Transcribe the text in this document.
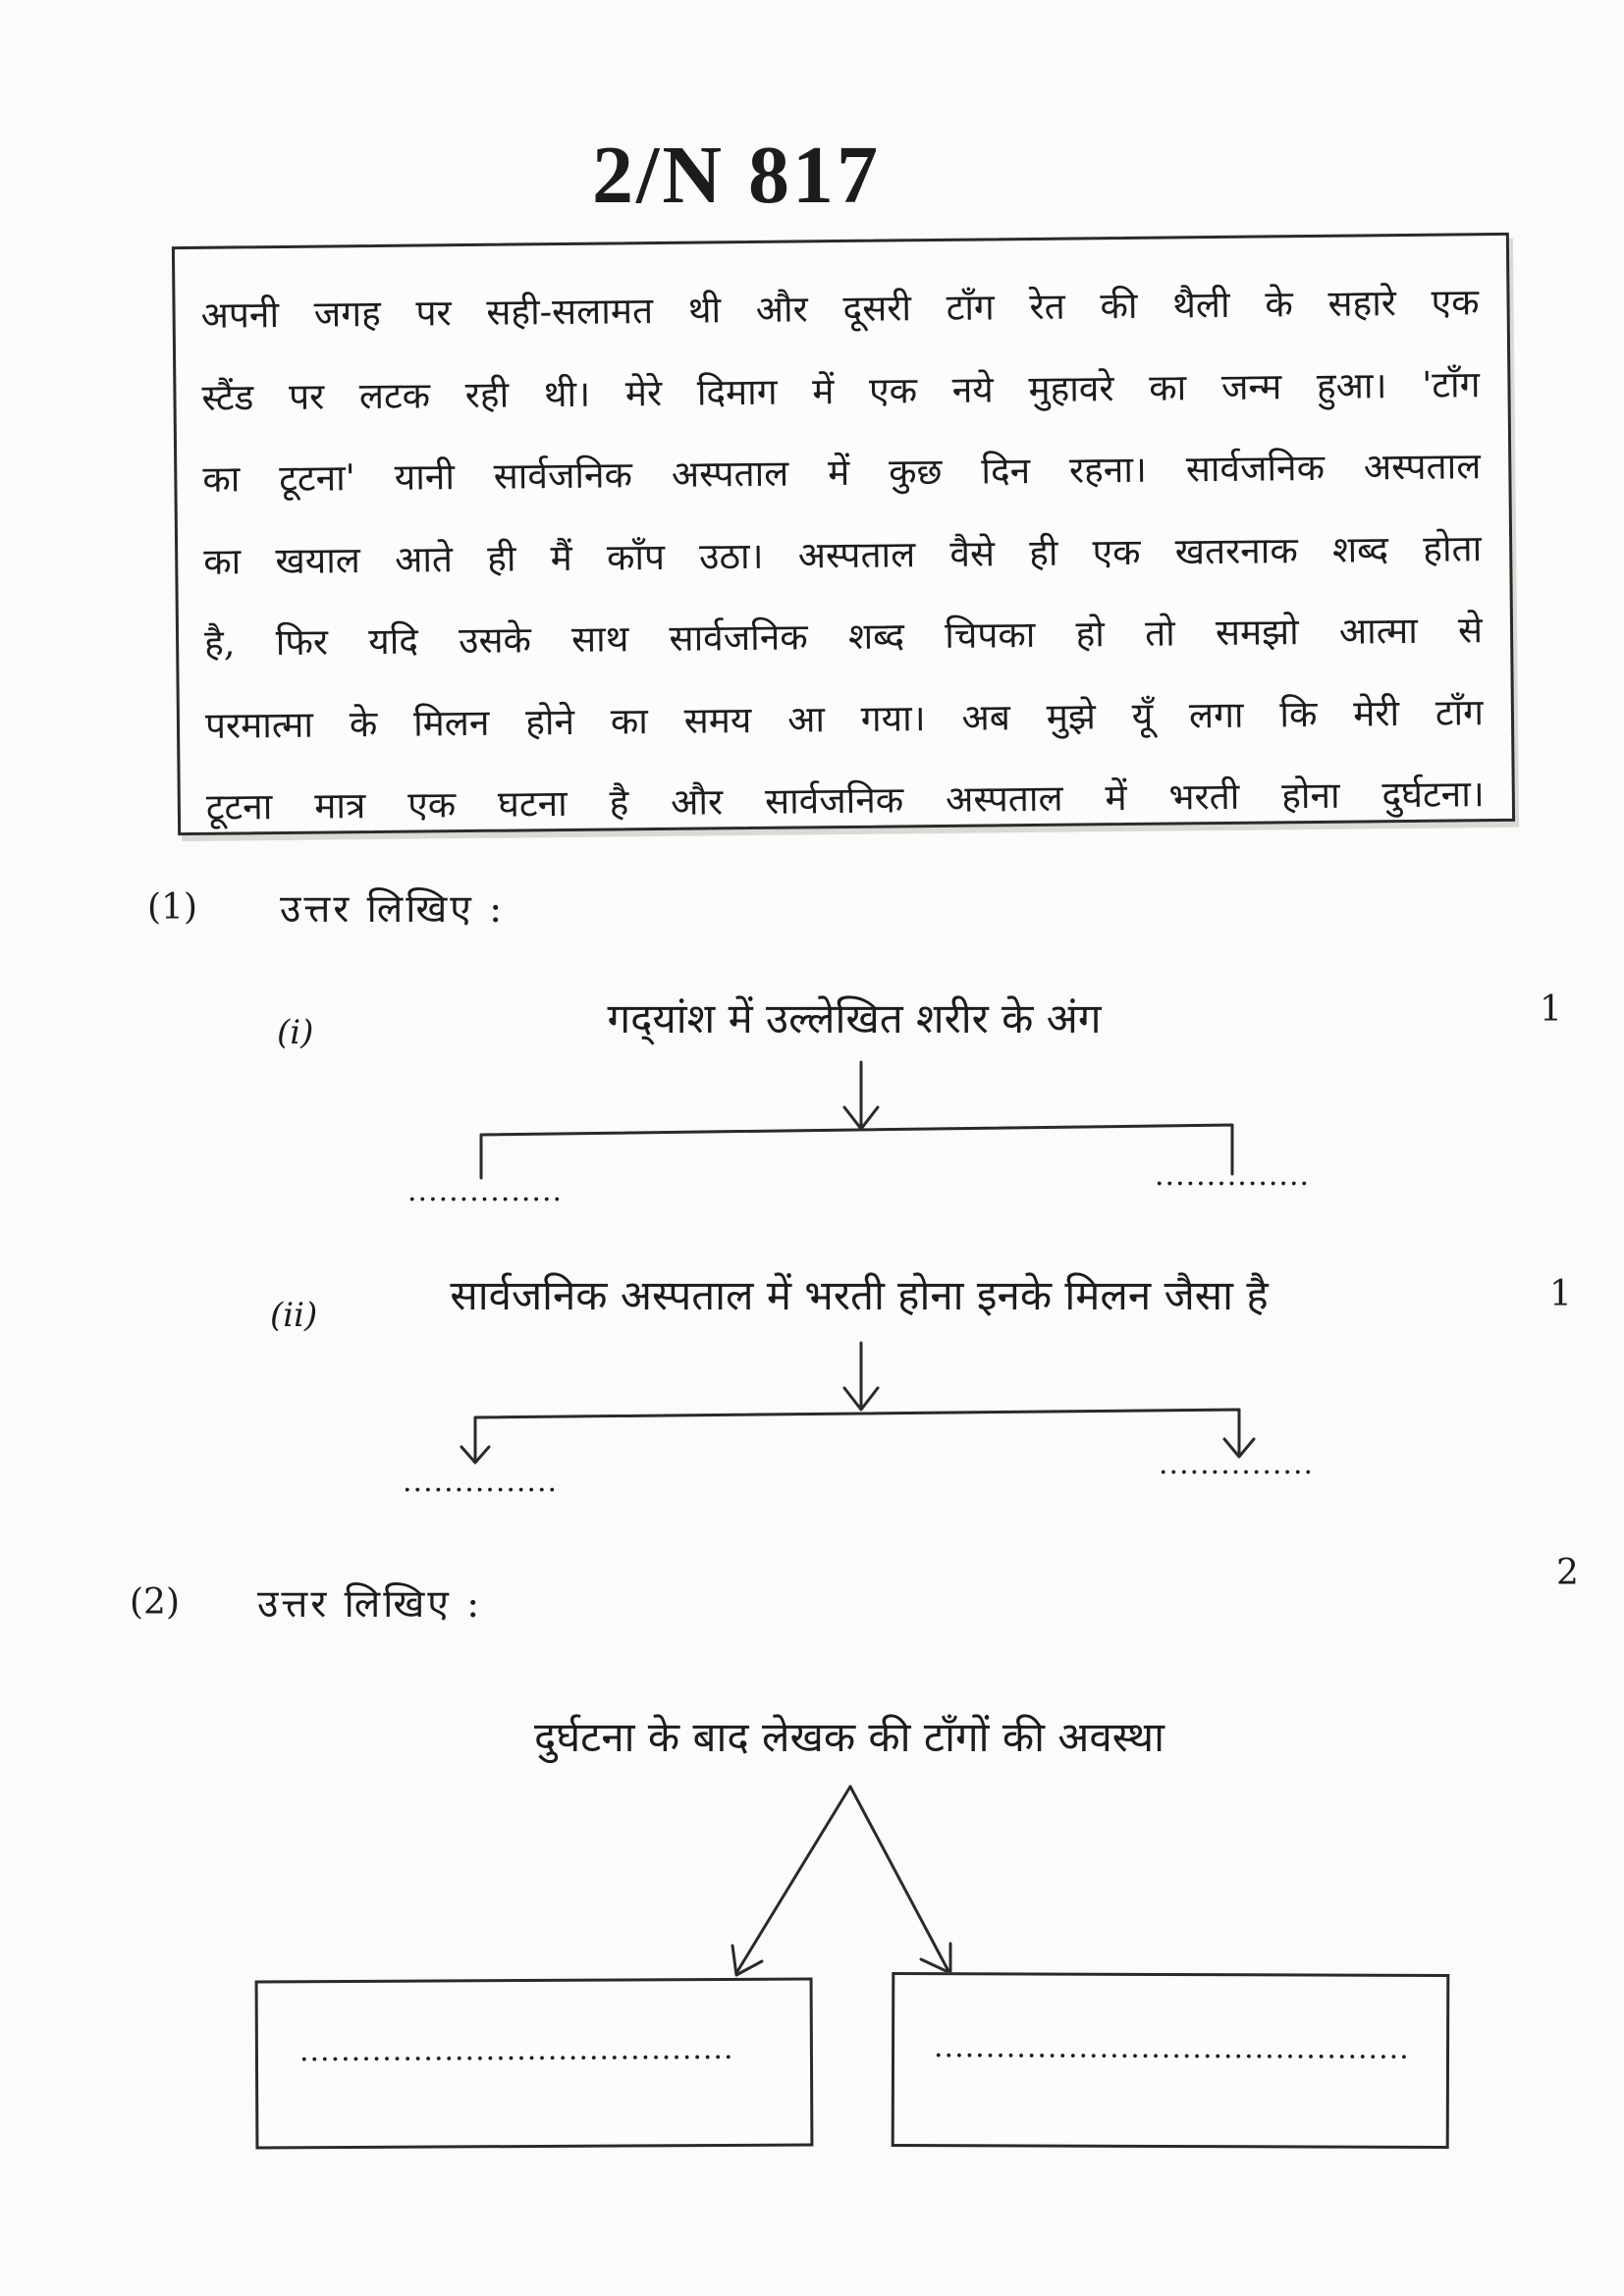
2/N 817
अपनी जगह पर सही-सलामत थी और दूसरी टाँग रेत की थैली के सहारे एक
स्टैंड पर लटक रही थी। मेरे दिमाग में एक नये मुहावरे का जन्म हुआ। 'टाँग
का टूटना' यानी सार्वजनिक अस्पताल में कुछ दिन रहना। सार्वजनिक अस्पताल
का खयाल आते ही मैं काँप उठा। अस्पताल वैसे ही एक खतरनाक शब्द होता
है, फिर यदि उसके साथ सार्वजनिक शब्द चिपका हो तो समझो आत्मा से
परमात्मा के मिलन होने का समय आ गया। अब मुझे यूँ लगा कि मेरी टाँग
टूटना मात्र एक घटना है और सार्वजनिक अस्पताल में भरती होना दुर्घटना।
(1) उत्तर लिखिए :
(i)	गद्‌यांश में उल्लेखित शरीर के अंग	1
...............	...............
(ii)	सार्वजनिक अस्पताल में भरती होना इनके मिलन जैसा है	1
...............
...............
(2) उत्तर लिखिए :
2
दुर्घटना के बाद लेखक की टाँगों की अवस्था
..........................................	..............................................
